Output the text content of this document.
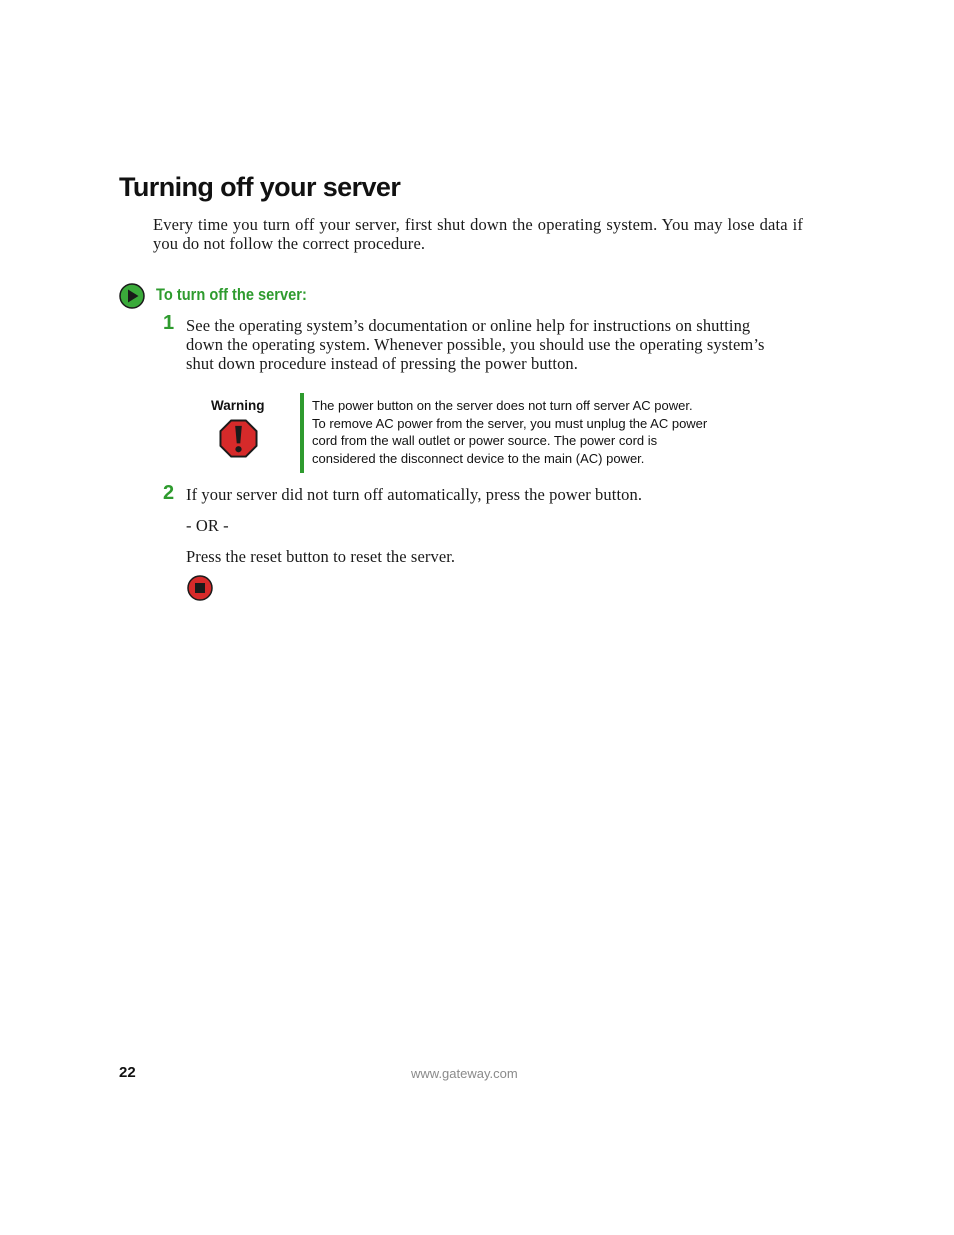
Turning off your server

Every time you turn off your server, first shut down the operating system. You may lose data if you do not follow the correct procedure.

To turn off the server:
1 See the operating system’s documentation or online help for instructions on shutting
down the operating system. Whenever possible, you should use the operating system’s
shut down procedure instead of pressing the power button.

Warning	The power button on the server does not turn off server AC power.
To remove AC power from the server, you must unplug the AC power
cord from the wall outlet or power source. The power cord is
considered the disconnect device to the main (AC) power.

2 If your server did not turn off automatically, press the power button.

- OR -

Press the reset button to reset the server.

22	www.gateway.com
